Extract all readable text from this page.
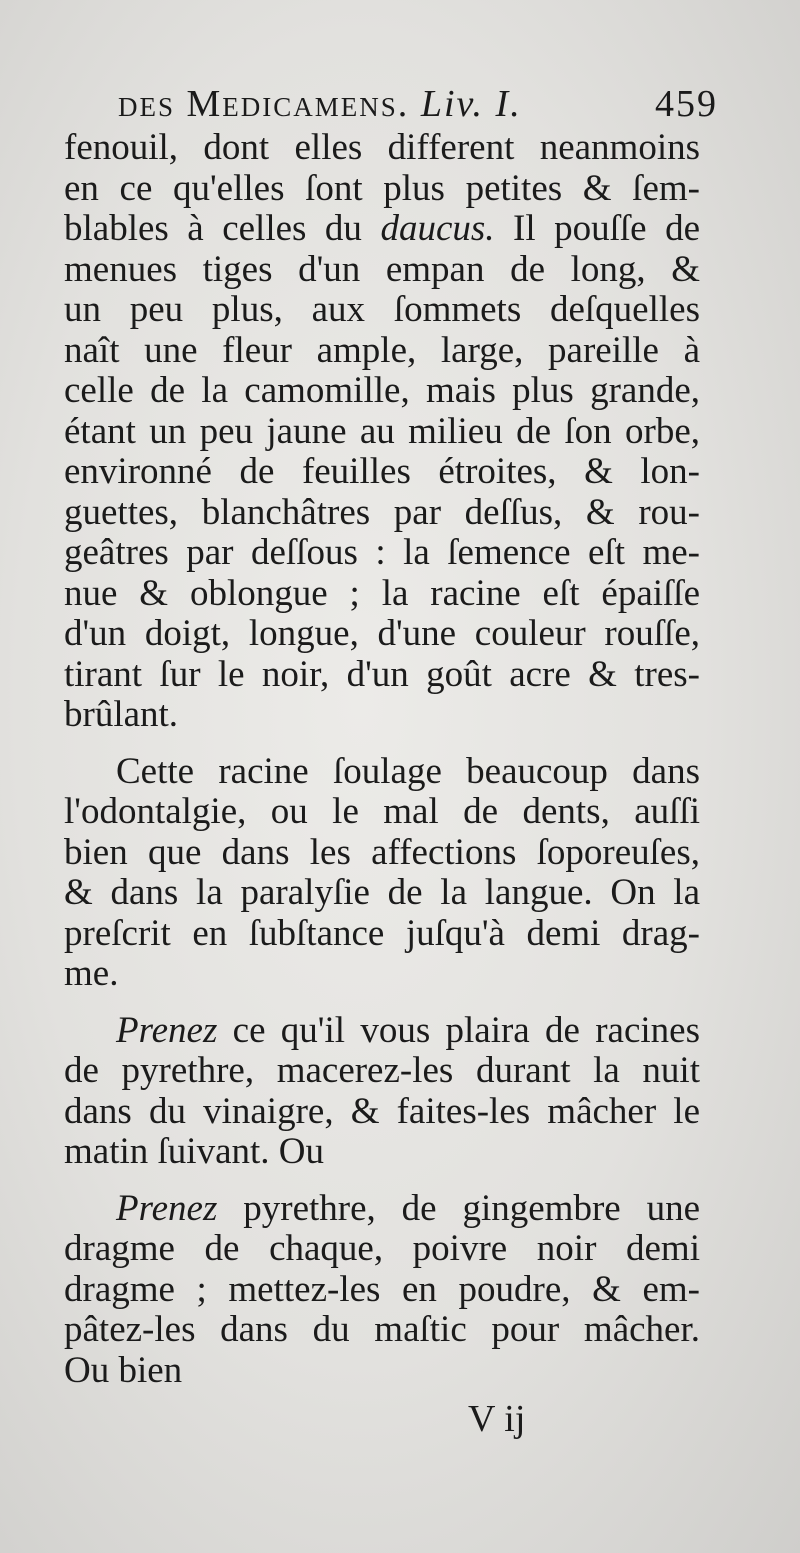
des Medicamens. Liv. I.	459
fenouil, dont elles different neanmoins
en ce qu'elles ſont plus petites & ſem-
blables à celles du daucus. Il pouſſe de
menues tiges d'un empan de long, &
un peu plus, aux ſommets deſquelles
naît une fleur ample, large, pareille à
celle de la camomille, mais plus grande,
étant un peu jaune au milieu de ſon orbe,
environné de feuilles étroites, & lon-
guettes, blanchâtres par deſſus, & rou-
geâtres par deſſous : la ſemence eſt me-
nue & oblongue ; la racine eſt épaiſſe
d'un doigt, longue, d'une couleur rouſſe,
tirant ſur le noir, d'un goût acre & tres-
brûlant.
Cette racine ſoulage beaucoup dans
l'odontalgie, ou le mal de dents, auſſi
bien que dans les affections ſoporeuſes,
& dans la paralyſie de la langue. On la
preſcrit en ſubſtance juſqu'à demi drag-
me.
Prenez ce qu'il vous plaira de racines
de pyrethre, macerez-les durant la nuit
dans du vinaigre, & faites-les mâcher le
matin ſuivant. Ou
Prenez pyrethre, de gingembre une
dragme de chaque, poivre noir demi
dragme ; mettez-les en poudre, & em-
pâtez-les dans du maſtic pour mâcher.
Ou bien
V ij
